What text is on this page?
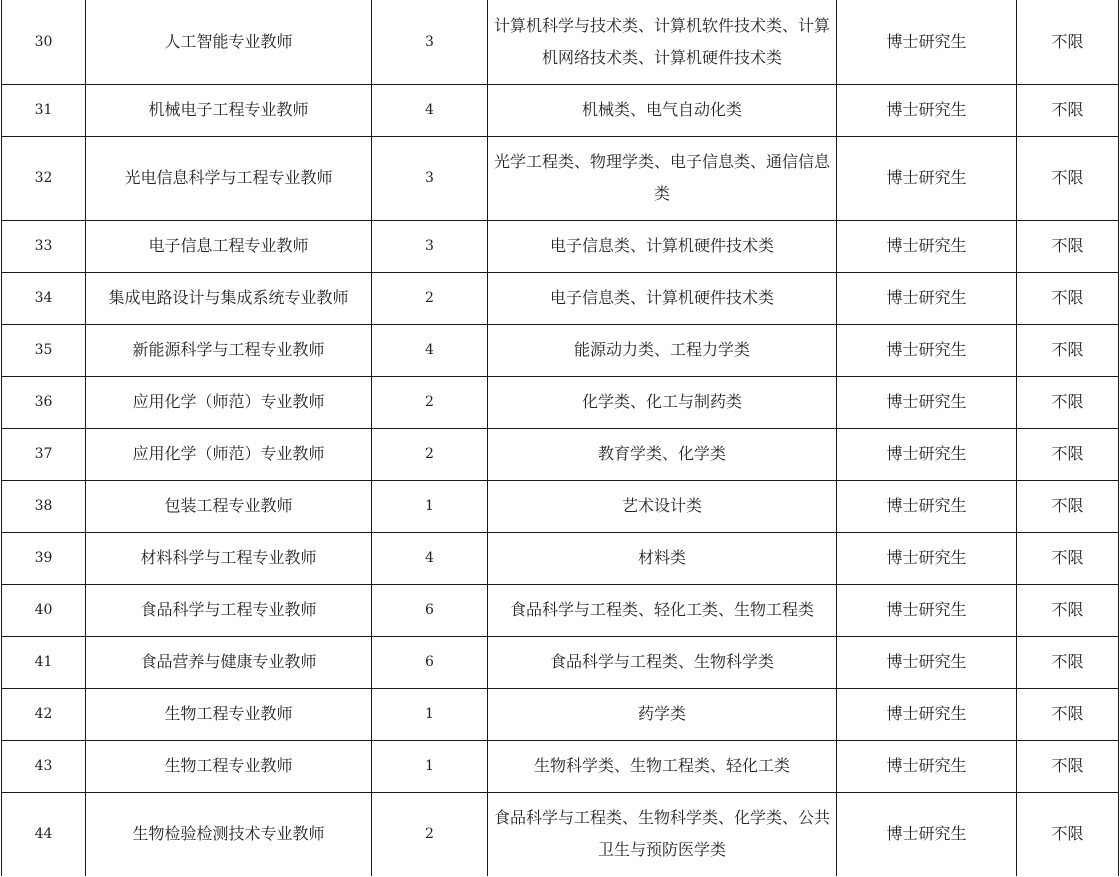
30	人工智能专业教师	3	计算机科学与技术类、计算机软件技术类、计算机网络技术类、计算机硬件技术类	博士研究生	不限
31	机械电子工程专业教师	4	机械类、电气自动化类	博士研究生	不限
32	光电信息科学与工程专业教师	3	光学工程类、物理学类、电子信息类、通信信息类	博士研究生	不限
33	电子信息工程专业教师	3	电子信息类、计算机硬件技术类	博士研究生	不限
34	集成电路设计与集成系统专业教师	2	电子信息类、计算机硬件技术类	博士研究生	不限
35	新能源科学与工程专业教师	4	能源动力类、工程力学类	博士研究生	不限
36	应用化学（师范）专业教师	2	化学类、化工与制药类	博士研究生	不限
37	应用化学（师范）专业教师	2	教育学类、化学类	博士研究生	不限
38	包装工程专业教师	1	艺术设计类	博士研究生	不限
39	材料科学与工程专业教师	4	材料类	博士研究生	不限
40	食品科学与工程专业教师	6	食品科学与工程类、轻化工类、生物工程类	博士研究生	不限
41	食品营养与健康专业教师	6	食品科学与工程类、生物科学类	博士研究生	不限
42	生物工程专业教师	1	药学类	博士研究生	不限
43	生物工程专业教师	1	生物科学类、生物工程类、轻化工类	博士研究生	不限
44	生物检验检测技术专业教师	2	食品科学与工程类、生物科学类、化学类、公共卫生与预防医学类	博士研究生	不限
